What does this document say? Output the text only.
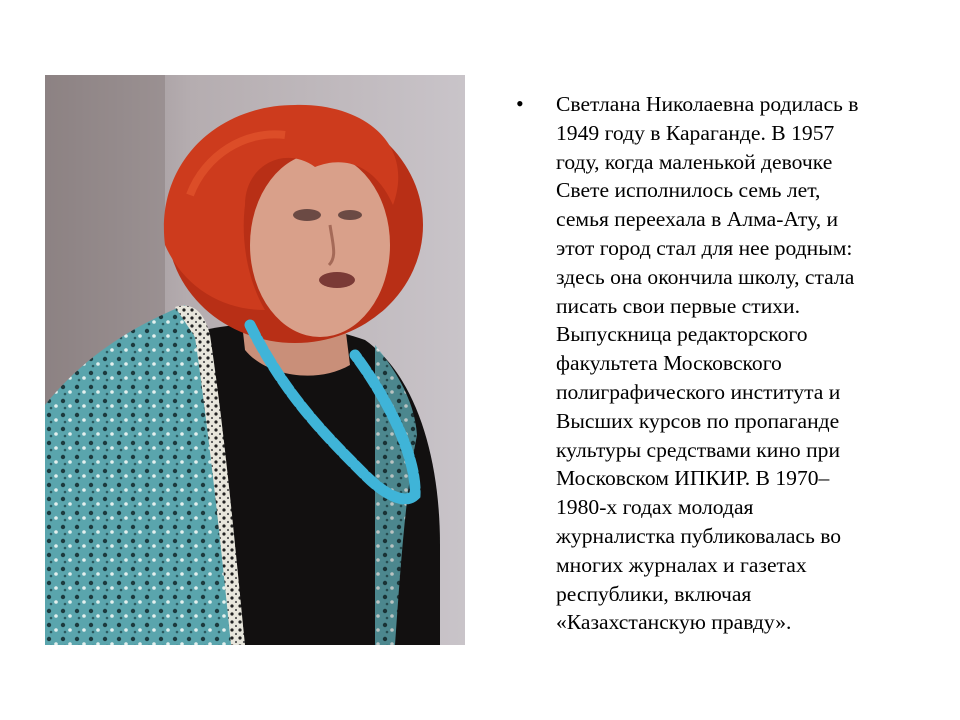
•	Светлана Николаевна родилась в
1949 году в Караганде. В 1957
году, когда маленькой девочке
Свете исполнилось семь лет,
семья переехала в Алма-Ату, и
этот город стал для нее родным:
здесь она окончила школу, стала
писать свои первые стихи.
Выпускница редакторского
факультета Московского
полиграфического института и
Высших курсов по пропаганде
культуры средствами кино при
Московском ИПКИР. В 1970–
1980-х годах молодая
журналистка публиковалась во
многих журналах и газетах
республики, включая
«Казахстанскую правду».
